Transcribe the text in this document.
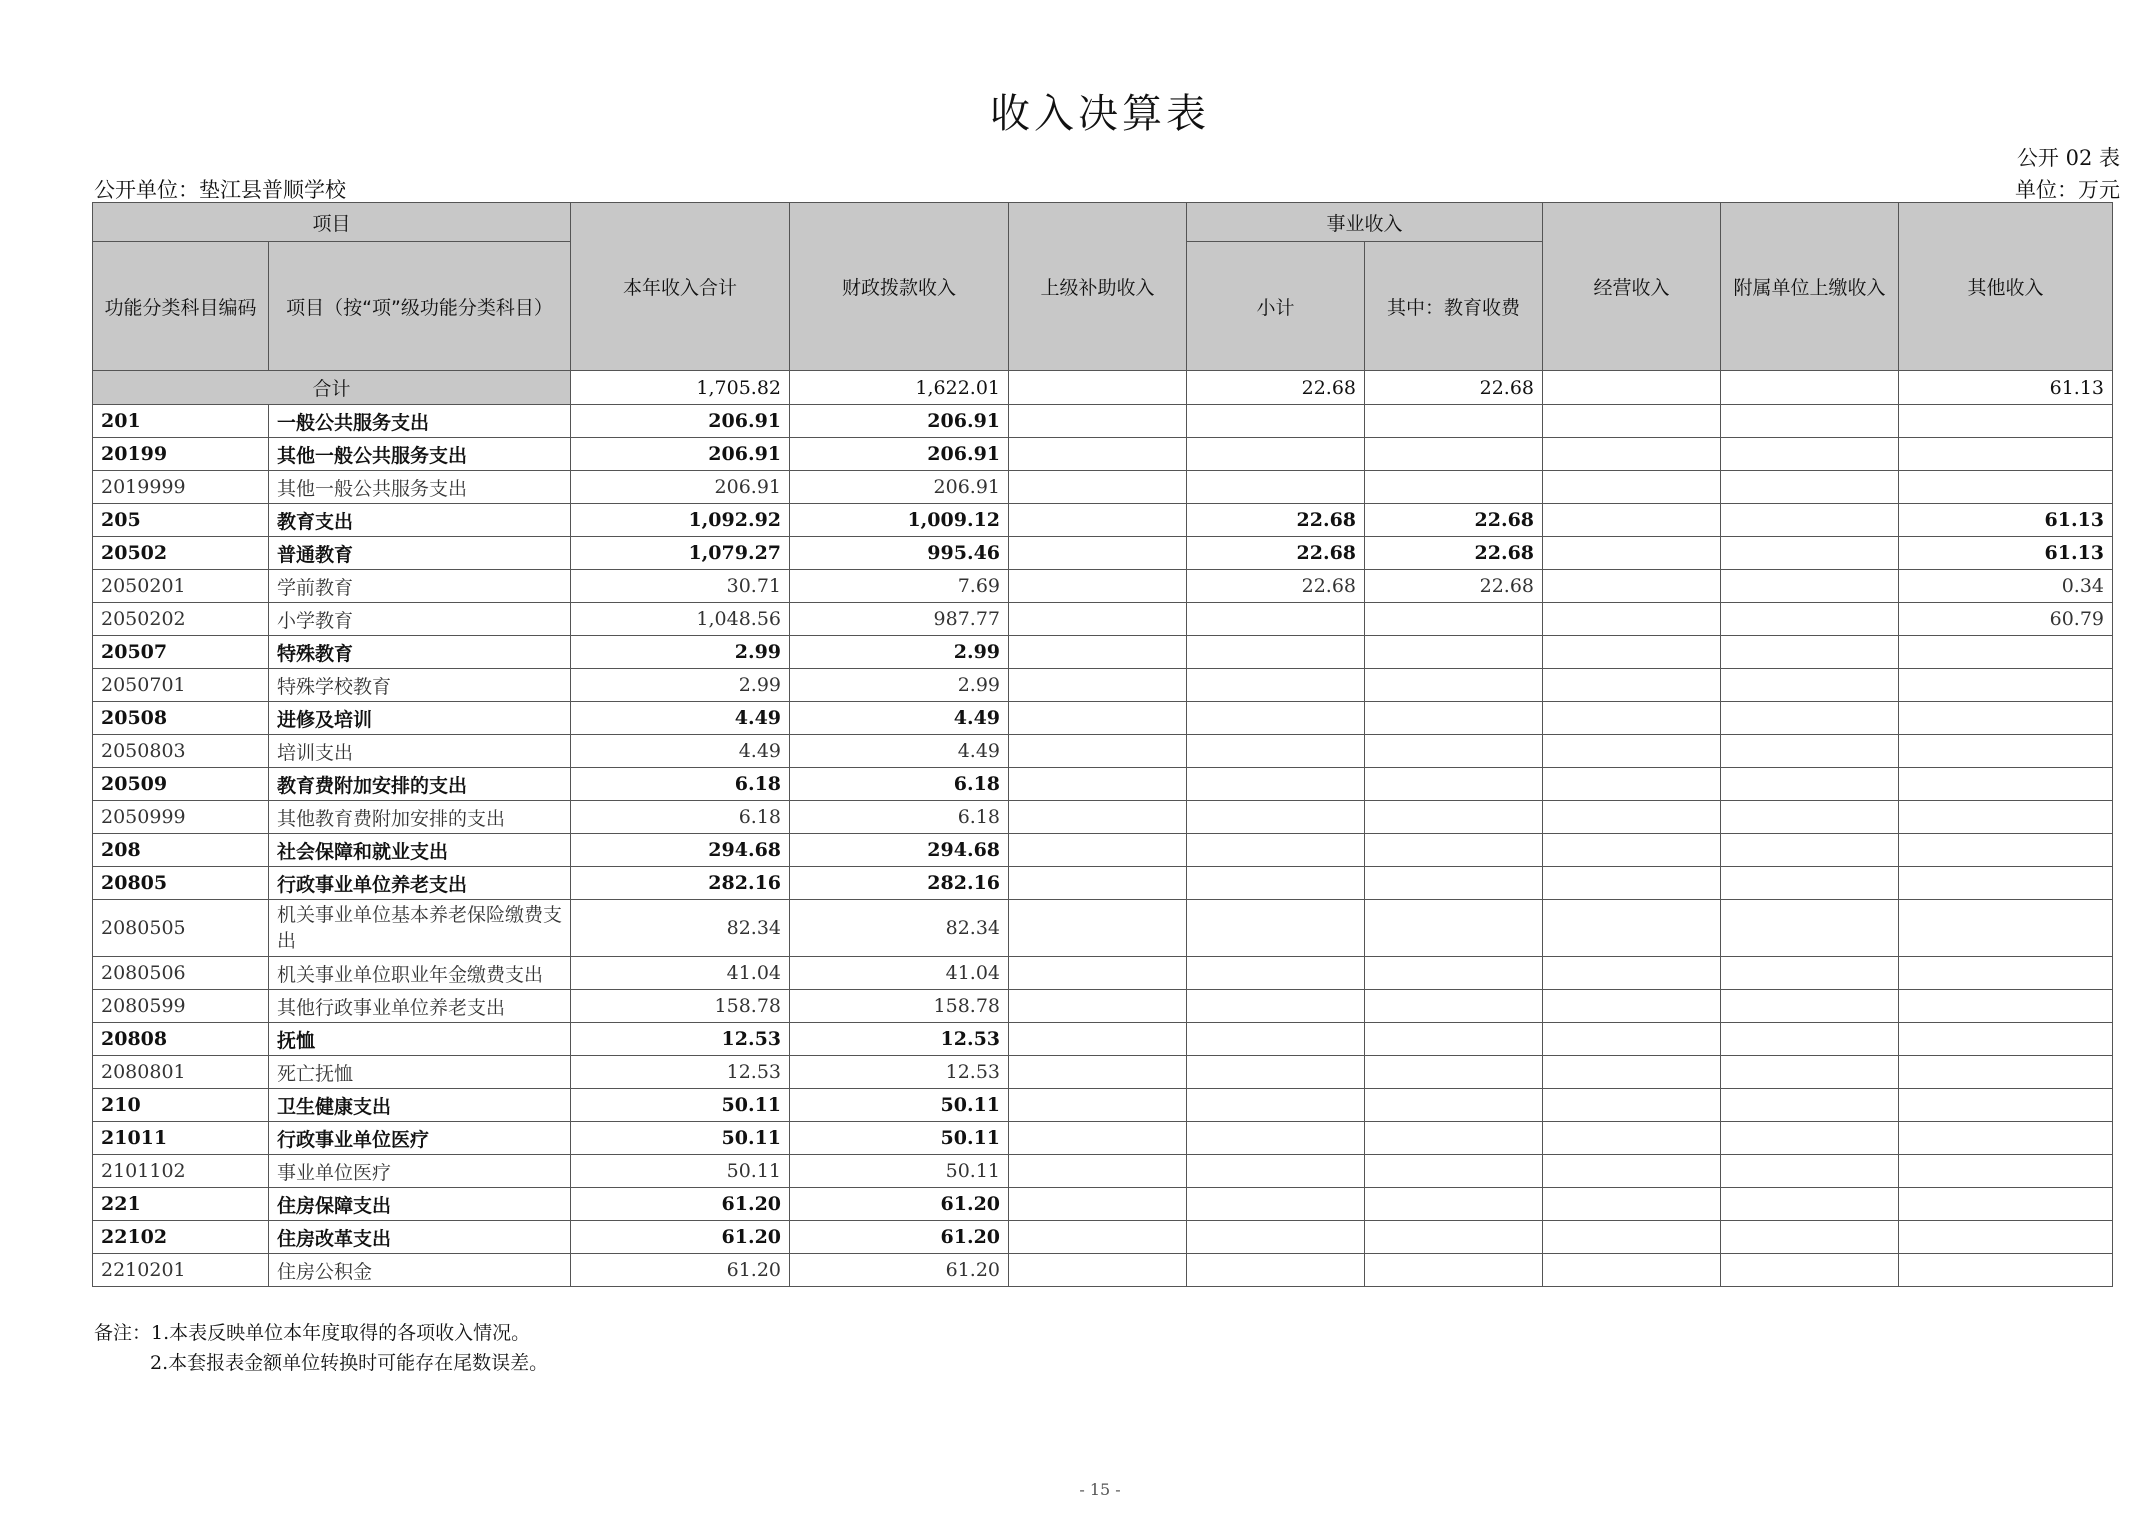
收入决算表
公开 02 表
公开单位：垫江县普顺学校	单位：万元
项目		本年收入合计	财政拨款收入	上级补助收入	事业收入		经营收入	附属单位上缴收入	其他收入
功能分类科目编码	项目（按“项”级功能分类科目）				小计	其中：教育收费			
合计		1,705.82	1,622.01		22.68	22.68			61.13
201	一般公共服务支出	206.91	206.91						
20199	其他一般公共服务支出	206.91	206.91						
2019999	其他一般公共服务支出	206.91	206.91						
205	教育支出	1,092.92	1,009.12		22.68	22.68			61.13
20502	普通教育	1,079.27	995.46		22.68	22.68			61.13
2050201	学前教育	30.71	7.69		22.68	22.68			0.34
2050202	小学教育	1,048.56	987.77						60.79
20507	特殊教育	2.99	2.99						
2050701	特殊学校教育	2.99	2.99						
20508	进修及培训	4.49	4.49						
2050803	培训支出	4.49	4.49						
20509	教育费附加安排的支出	6.18	6.18						
2050999	其他教育费附加安排的支出	6.18	6.18						
208	社会保障和就业支出	294.68	294.68						
20805	行政事业单位养老支出	282.16	282.16						
2080505	机关事业单位基本养老保险缴费支出	82.34	82.34						
2080506	机关事业单位职业年金缴费支出	41.04	41.04						
2080599	其他行政事业单位养老支出	158.78	158.78						
20808	抚恤	12.53	12.53						
2080801	死亡抚恤	12.53	12.53						
210	卫生健康支出	50.11	50.11						
21011	行政事业单位医疗	50.11	50.11						
2101102	事业单位医疗	50.11	50.11						
221	住房保障支出	61.20	61.20						
22102	住房改革支出	61.20	61.20						
2210201	住房公积金	61.20	61.20						
备注：1.本表反映单位本年度取得的各项收入情况。
2.本套报表金额单位转换时可能存在尾数误差。
- 15 -
